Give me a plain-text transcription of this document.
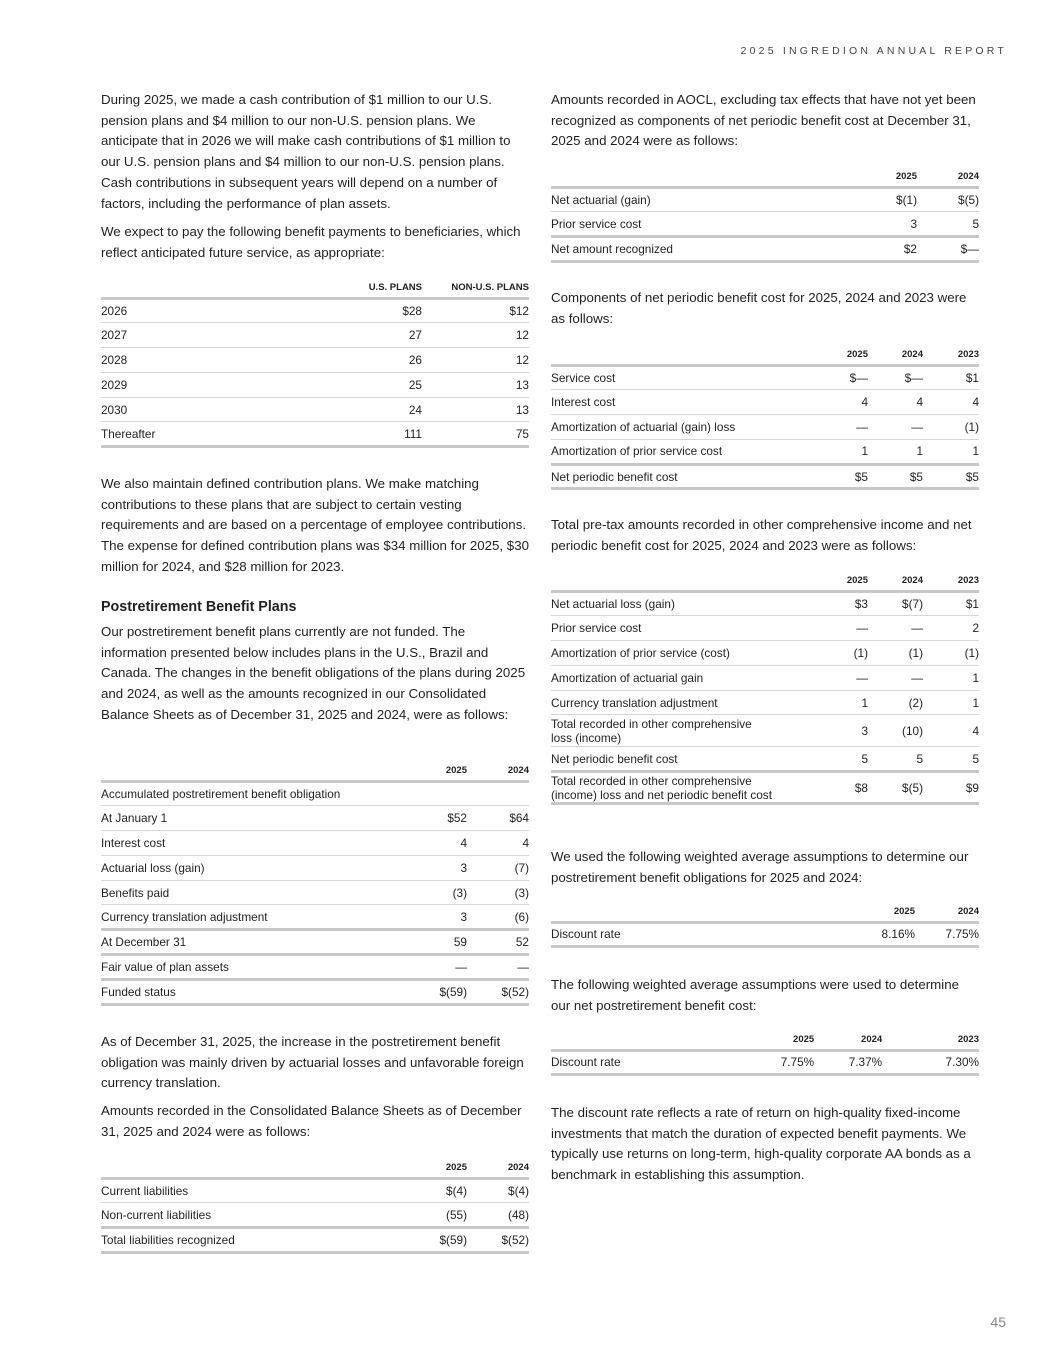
2025 INGREDION ANNUAL REPORT

During 2025, we made a cash contribution of $1 million to our U.S. pension plans and $4 million to our non-U.S. pension plans. We anticipate that in 2026 we will make cash contributions of $1 million to our U.S. pension plans and $4 million to our non-U.S. pension plans. Cash contributions in subsequent years will depend on a number of factors, including the performance of plan assets.

We expect to pay the following benefit payments to beneficiaries, which reflect anticipated future service, as appropriate:

	U.S. PLANS	NON-U.S. PLANS
2026	$28	$12
2027	27	12
2028	26	12
2029	25	13
2030	24	13
Thereafter	111	75

We also maintain defined contribution plans. We make matching contributions to these plans that are subject to certain vesting requirements and are based on a percentage of employee contributions. The expense for defined contribution plans was $34 million for 2025, $30 million for 2024, and $28 million for 2023.

Postretirement Benefit Plans

Our postretirement benefit plans currently are not funded. The information presented below includes plans in the U.S., Brazil and Canada. The changes in the benefit obligations of the plans during 2025 and 2024, as well as the amounts recognized in our Consolidated Balance Sheets as of December 31, 2025 and 2024, were as follows:

	2025	2024
Accumulated postretirement benefit obligation		
At January 1	$52	$64
Interest cost	4	4
Actuarial loss (gain)	3	(7)
Benefits paid	(3)	(3)
Currency translation adjustment	3	(6)
At December 31	59	52
Fair value of plan assets	—	—
Funded status	$(59)	$(52)

As of December 31, 2025, the increase in the postretirement benefit obligation was mainly driven by actuarial losses and unfavorable foreign currency translation.

Amounts recorded in the Consolidated Balance Sheets as of December 31, 2025 and 2024 were as follows:

	2025	2024
Current liabilities	$(4)	$(4)
Non-current liabilities	(55)	(48)
Total liabilities recognized	$(59)	$(52)

Amounts recorded in AOCL, excluding tax effects that have not yet been recognized as components of net periodic benefit cost at December 31, 2025 and 2024 were as follows:

	2025	2024
Net actuarial (gain)	$(1)	$(5)
Prior service cost	3	5
Net amount recognized	$2	$—

Components of net periodic benefit cost for 2025, 2024 and 2023 were as follows:

	2025	2024	2023
Service cost	$—	$—	$1
Interest cost	4	4	4
Amortization of actuarial (gain) loss	—	—	(1)
Amortization of prior service cost	1	1	1
Net periodic benefit cost	$5	$5	$5

Total pre-tax amounts recorded in other comprehensive income and net periodic benefit cost for 2025, 2024 and 2023 were as follows:

	2025	2024	2023
Net actuarial loss (gain)	$3	$(7)	$1
Prior service cost	—	—	2
Amortization of prior service (cost)	(1)	(1)	(1)
Amortization of actuarial gain	—	—	1
Currency translation adjustment	1	(2)	1
Total recorded in other comprehensive loss (income)	3	(10)	4
Net periodic benefit cost	5	5	5
Total recorded in other comprehensive (income) loss and net periodic benefit cost	$8	$(5)	$9

We used the following weighted average assumptions to determine our postretirement benefit obligations for 2025 and 2024:

	2025	2024
Discount rate	8.16%	7.75%

The following weighted average assumptions were used to determine our net postretirement benefit cost:

	2025	2024	2023
Discount rate	7.75%	7.37%	7.30%

The discount rate reflects a rate of return on high-quality fixed-income investments that match the duration of expected benefit payments. We typically use returns on long-term, high-quality corporate AA bonds as a benchmark in establishing this assumption.

45
